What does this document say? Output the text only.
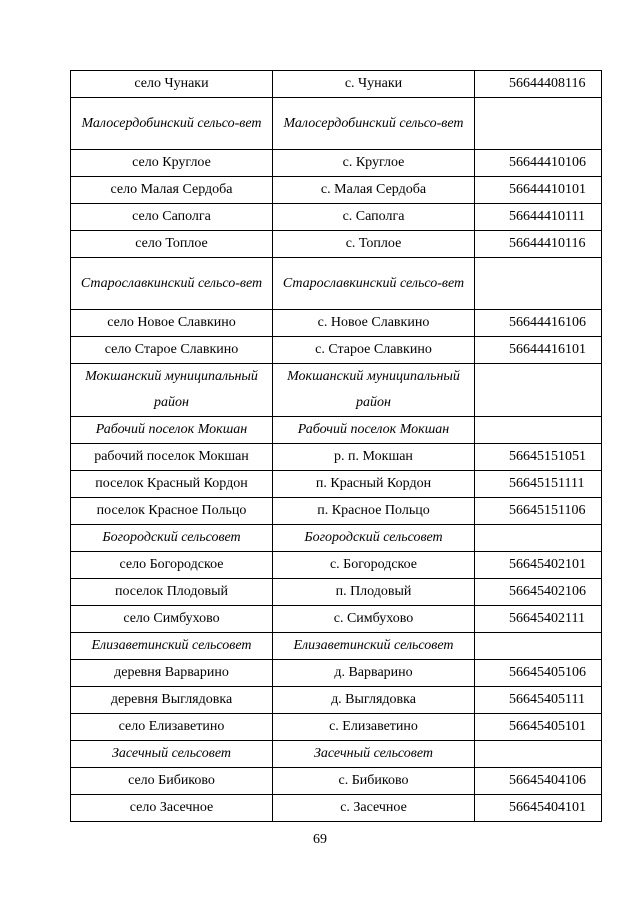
село Чунаки	с. Чунаки	56644408116
Малосердобинский сельсо-вет	Малосердобинский сельсо-вет	
село Круглое	с. Круглое	56644410106
село Малая Сердоба	с. Малая Сердоба	56644410101
село Саполга	с. Саполга	56644410111
село Топлое	с. Топлое	56644410116
Старославкинский сельсо-вет	Старославкинский сельсо-вет	
село Новое Славкино	с. Новое Славкино	56644416106
село Старое Славкино	с. Старое Славкино	56644416101
Мокшанский муниципальный район	Мокшанский муниципальный район	
Рабочий поселок Мокшан	Рабочий поселок Мокшан	
рабочий поселок Мокшан	р. п. Мокшан	56645151051
поселок Красный Кордон	п. Красный Кордон	56645151111
поселок Красное Польцо	п. Красное Польцо	56645151106
Богородский сельсовет	Богородский сельсовет	
село Богородское	с. Богородское	56645402101
поселок Плодовый	п. Плодовый	56645402106
село Симбухово	с. Симбухово	56645402111
Елизаветинский сельсовет	Елизаветинский сельсовет	
деревня Варварино	д. Варварино	56645405106
деревня Выглядовка	д. Выглядовка	56645405111
село Елизаветино	с. Елизаветино	56645405101
Засечный сельсовет	Засечный сельсовет	
село Бибиково	с. Бибиково	56645404106
село Засечное	с. Засечное	56645404101
69
